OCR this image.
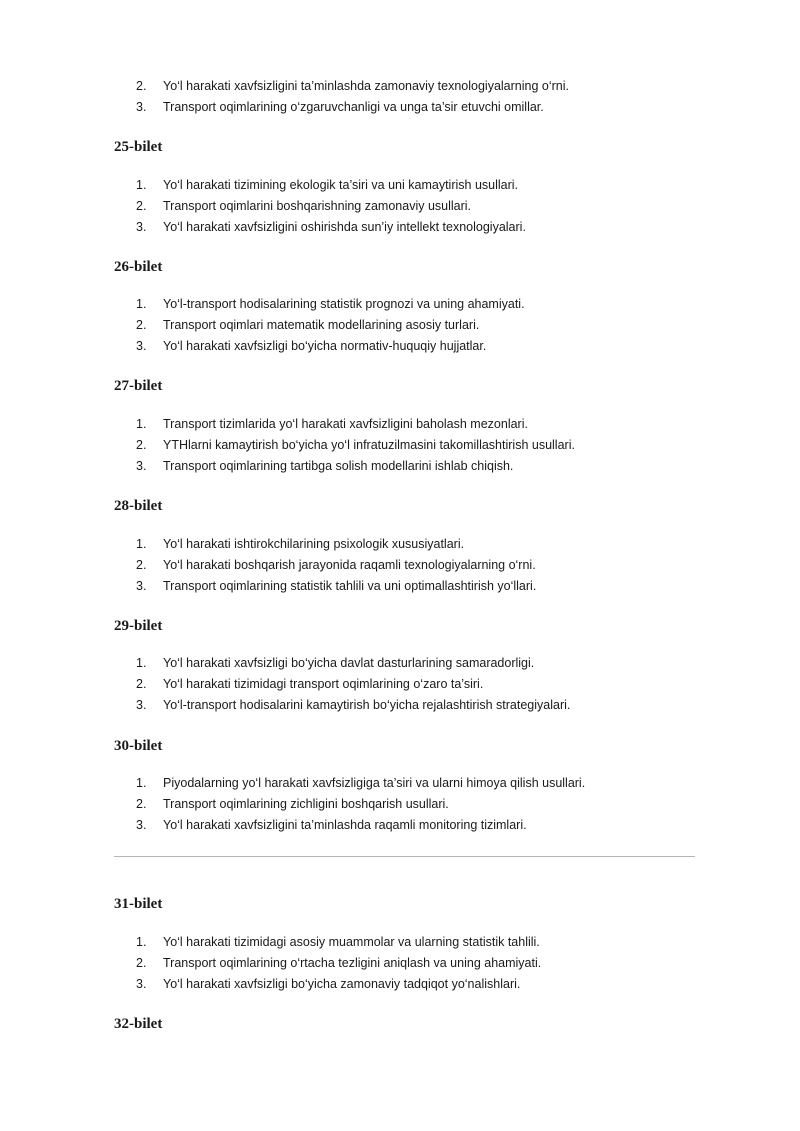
2.	Yo‘l harakati xavfsizligini ta’minlashda zamonaviy texnologiyalarning o‘rni.
3.	Transport oqimlarining o‘zgaruvchanligi va unga ta’sir etuvchi omillar.
25-bilet
1.	Yo‘l harakati tizimining ekologik ta’siri va uni kamaytirish usullari.
2.	Transport oqimlarini boshqarishning zamonaviy usullari.
3.	Yo‘l harakati xavfsizligini oshirishda sun’iy intellekt texnologiyalari.
26-bilet
1.	Yo‘l-transport hodisalarining statistik prognozi va uning ahamiyati.
2.	Transport oqimlari matematik modellarining asosiy turlari.
3.	Yo‘l harakati xavfsizligi bo‘yicha normativ-huquqiy hujjatlar.
27-bilet
1.	Transport tizimlarida yo‘l harakati xavfsizligini baholash mezonlari.
2.	YTHlarni kamaytirish bo‘yicha yo‘l infratuzilmasini takomillashtirish usullari.
3.	Transport oqimlarining tartibga solish modellarini ishlab chiqish.
28-bilet
1.	Yo‘l harakati ishtirokchilarining psixologik xususiyatlari.
2.	Yo‘l harakati boshqarish jarayonida raqamli texnologiyalarning o‘rni.
3.	Transport oqimlarining statistik tahlili va uni optimallashtirish yo‘llari.
29-bilet
1.	Yo‘l harakati xavfsizligi bo‘yicha davlat dasturlarining samaradorligi.
2.	Yo‘l harakati tizimidagi transport oqimlarining o‘zaro ta’siri.
3.	Yo‘l-transport hodisalarini kamaytirish bo‘yicha rejalashtirish strategiyalari.
30-bilet
1.	Piyodalarning yo‘l harakati xavfsizligiga ta’siri va ularni himoya qilish usullari.
2.	Transport oqimlarining zichligini boshqarish usullari.
3.	Yo‘l harakati xavfsizligini ta’minlashda raqamli monitoring tizimlari.
31-bilet
1.	Yo‘l harakati tizimidagi asosiy muammolar va ularning statistik tahlili.
2.	Transport oqimlarining o‘rtacha tezligini aniqlash va uning ahamiyati.
3.	Yo‘l harakati xavfsizligi bo‘yicha zamonaviy tadqiqot yo‘nalishlari.
32-bilet
